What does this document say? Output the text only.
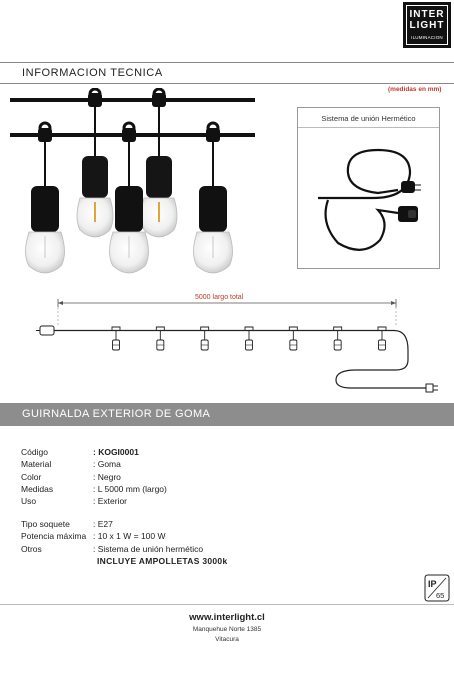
INTER
LIGHT
ILUMINACION
INFORMACION TECNICA
(medidas en mm)
Sistema de unión Hermético
5000 largo total
GUIRNALDA EXTERIOR DE GOMA
Código	: KOGI0001
Material	: Goma
Color	: Negro
Medidas	: L 5000 mm (largo)
Uso	: Exterior
Tipo soquete	: E27
Potencia máxima : 10 x 1 W = 100 W
Otros	: Sistema de unión hermético
INCLUYE AMPOLLETAS 3000k
IP
65
www.interlight.cl
Manquehue Norte 1385
Vitacura
